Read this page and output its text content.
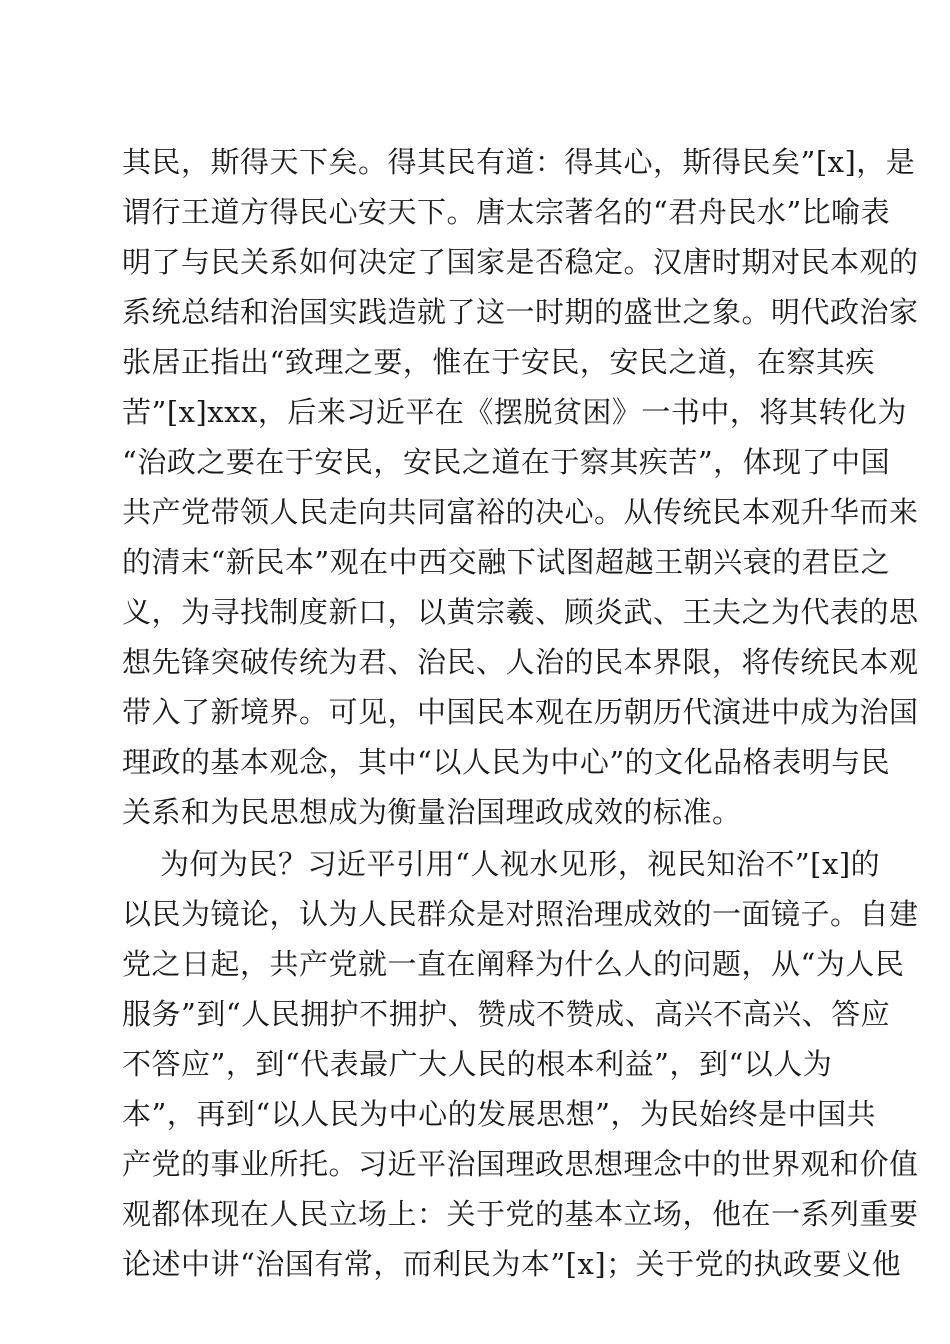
其民，斯得天下矣。得其民有道：得其心，斯得民矣”[x]，是
谓行王道方得民心安天下。唐太宗著名的“君舟民水”比喻表
明了与民关系如何决定了国家是否稳定。汉唐时期对民本观的
系统总结和治国实践造就了这一时期的盛世之象。明代政治家
张居正指出“致理之要，惟在于安民，安民之道，在察其疾
苦”[x]xxx，后来习近平在《摆脱贫困》一书中，将其转化为
“治政之要在于安民，安民之道在于察其疾苦”，体现了中国
共产党带领人民走向共同富裕的决心。从传统民本观升华而来
的清末“新民本”观在中西交融下试图超越王朝兴衰的君臣之
义，为寻找制度新口，以黄宗羲、顾炎武、王夫之为代表的思
想先锋突破传统为君、治民、人治的民本界限，将传统民本观
带入了新境界。可见，中国民本观在历朝历代演进中成为治国
理政的基本观念，其中“以人民为中心”的文化品格表明与民
关系和为民思想成为衡量治国理政成效的标准。
为何为民？习近平引用“人视水见形，视民知治不”[x]的
以民为镜论，认为人民群众是对照治理成效的一面镜子。自建
党之日起，共产党就一直在阐释为什么人的问题，从“为人民
服务”到“人民拥护不拥护、赞成不赞成、高兴不高兴、答应
不答应”，到“代表最广大人民的根本利益”，到“以人为
本”，再到“以人民为中心的发展思想”，为民始终是中国共
产党的事业所托。习近平治国理政思想理念中的世界观和价值
观都体现在人民立场上：关于党的基本立场，他在一系列重要
论述中讲“治国有常，而利民为本”[x]；关于党的执政要义他
